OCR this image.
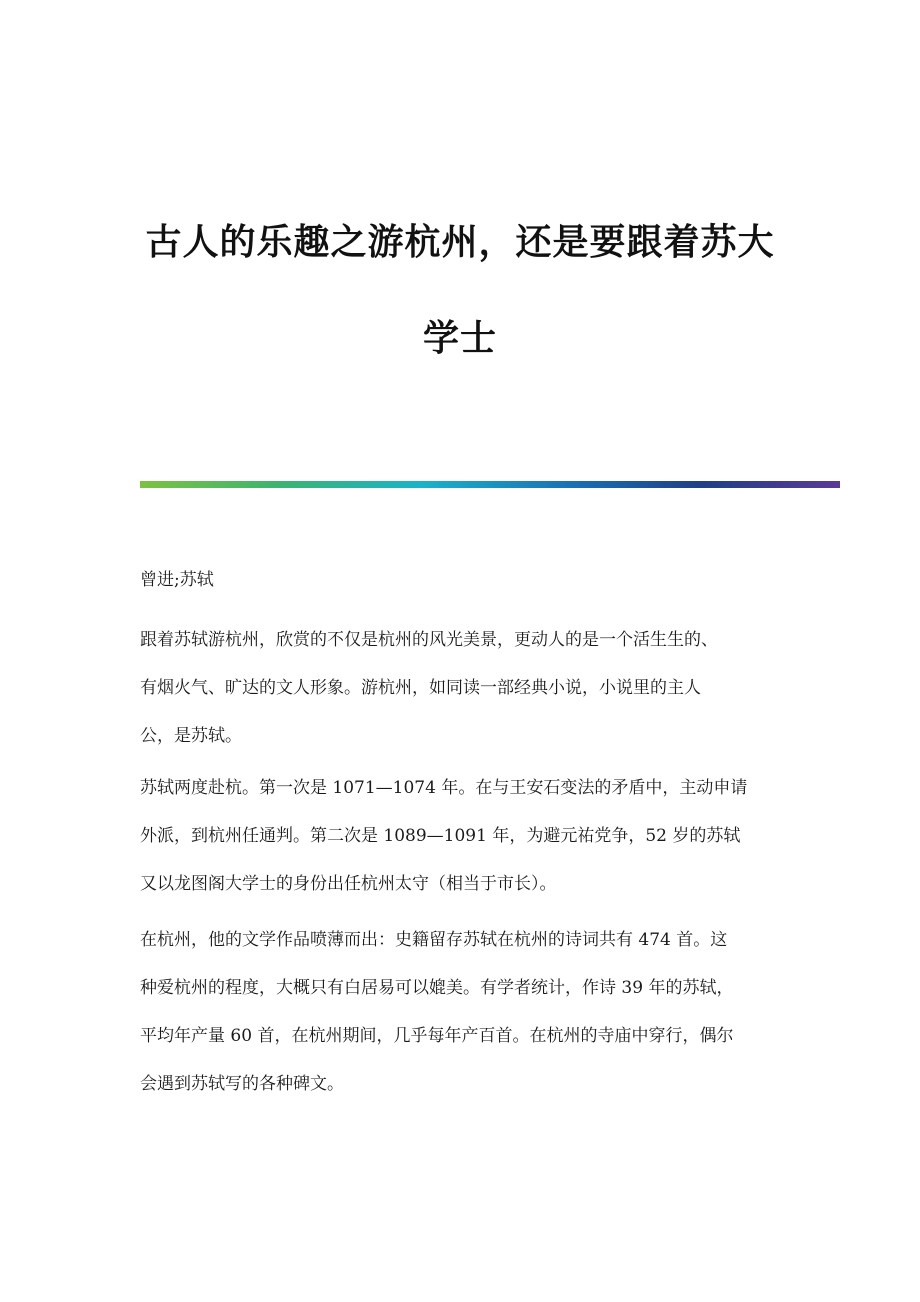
古人的乐趣之游杭州，还是要跟着苏大
学士
曾进;苏轼
跟着苏轼游杭州，欣赏的不仅是杭州的风光美景，更动人的是一个活生生的、
有烟火气、旷达的文人形象。游杭州，如同读一部经典小说，小说里的主人
公，是苏轼。
苏轼两度赴杭。第一次是 1071—1074 年。在与王安石变法的矛盾中，主动申请
外派，到杭州任通判。第二次是 1089—1091 年，为避元祐党争，52 岁的苏轼
又以龙图阁大学士的身份出任杭州太守（相当于市长）。
在杭州，他的文学作品喷薄而出：史籍留存苏轼在杭州的诗词共有 474 首。这
种爱杭州的程度，大概只有白居易可以媲美。有学者统计，作诗 39 年的苏轼，
平均年产量 60 首，在杭州期间，几乎每年产百首。在杭州的寺庙中穿行，偶尔
会遇到苏轼写的各种碑文。
